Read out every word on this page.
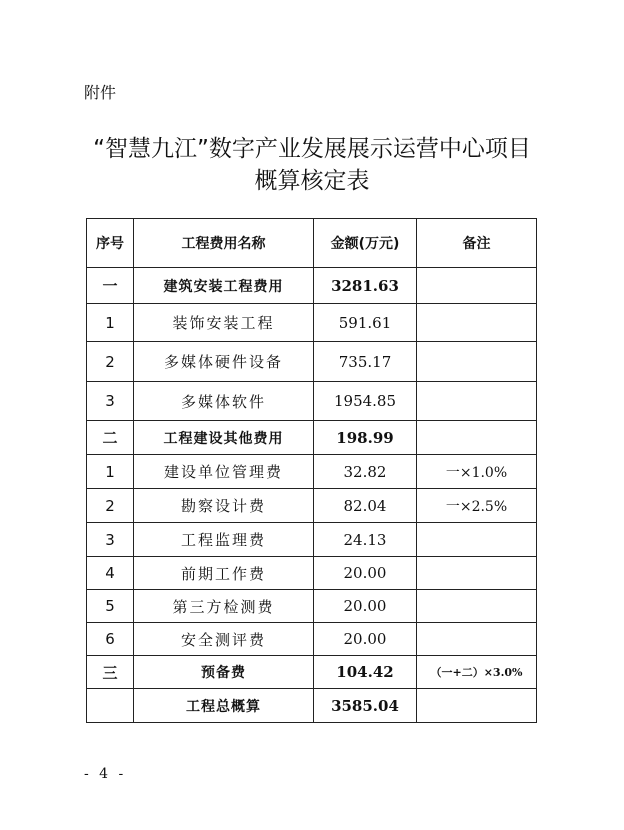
附件
“智慧九江”数字产业发展展示运营中心项目
概算核定表
序号	工程费用名称	金额(万元)	备注
一	建筑安装工程费用	3281.63	
1	装饰安装工程	591.61	
2	多媒体硬件设备	735.17	
3	多媒体软件	1954.85	
二	工程建设其他费用	198.99	
1	建设单位管理费	32.82	一×1.0%
2	勘察设计费	82.04	一×2.5%
3	工程监理费	24.13	
4	前期工作费	20.00	
5	第三方检测费	20.00	
6	安全测评费	20.00	
三	预备费	104.42	（一+二）×3.0%
	工程总概算	3585.04	
- 4 -
